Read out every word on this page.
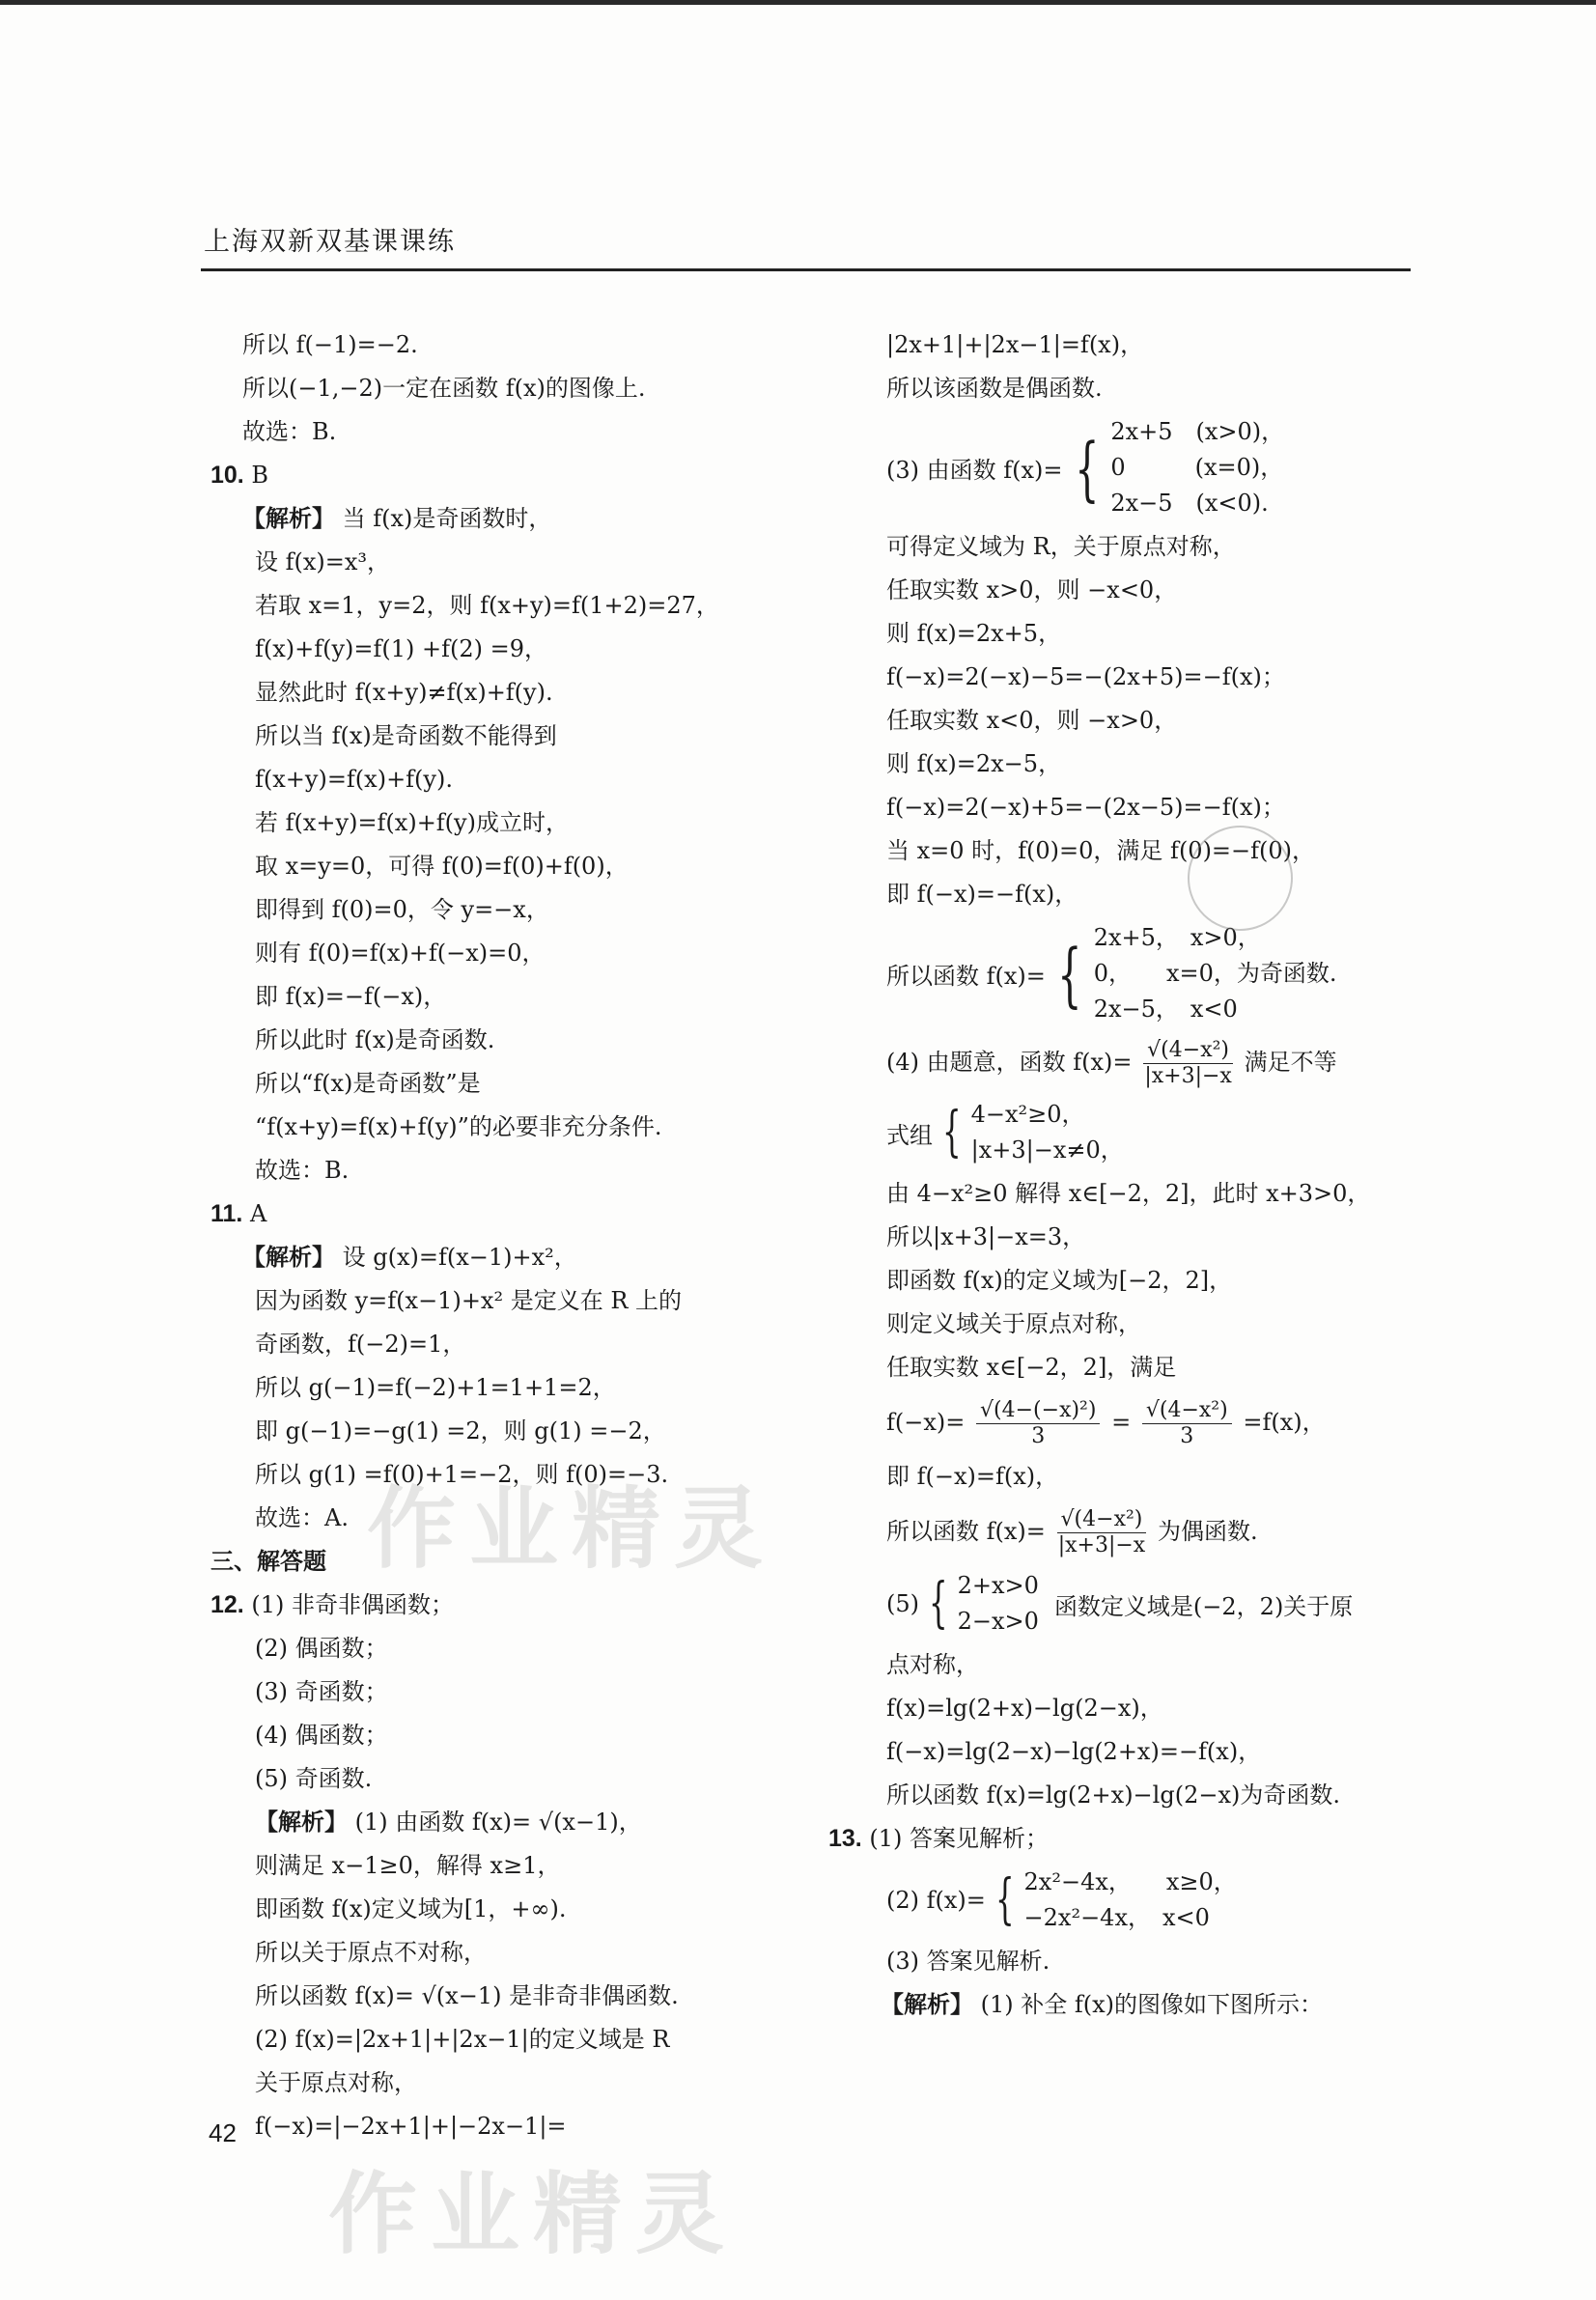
上海双新双基课课练
所以 f(−1)=−2.
所以(−1,−2)一定在函数 f(x)的图像上.
故选：B.
10. B
【解析】 当 f(x)是奇函数时，
设 f(x)=x³，
若取 x=1，y=2，则 f(x+y)=f(1+2)=27，
f(x)+f(y)=f(1) +f(2) =9，
显然此时 f(x+y)≠f(x)+f(y).
所以当 f(x)是奇函数不能得到
f(x+y)=f(x)+f(y).
若 f(x+y)=f(x)+f(y)成立时，
取 x=y=0，可得 f(0)=f(0)+f(0)，
即得到 f(0)=0，令 y=−x，
则有 f(0)=f(x)+f(−x)=0，
即 f(x)=−f(−x)，
所以此时 f(x)是奇函数.
所以“f(x)是奇函数”是
“f(x+y)=f(x)+f(y)”的必要非充分条件.
故选：B.
11. A
【解析】 设 g(x)=f(x−1)+x²，
因为函数 y=f(x−1)+x² 是定义在 R 上的
奇函数，f(−2)=1，
所以 g(−1)=f(−2)+1=1+1=2，
即 g(−1)=−g(1) =2，则 g(1) =−2，
所以 g(1) =f(0)+1=−2，则 f(0)=−3.
故选：A.
三、解答题
12. (1) 非奇非偶函数；
(2) 偶函数；
(3) 奇函数；
(4) 偶函数；
(5) 奇函数.
【解析】 (1) 由函数 f(x)= √(x−1)，
则满足 x−1≥0，解得 x≥1，
即函数 f(x)定义域为[1，+∞).
所以关于原点不对称，
所以函数 f(x)= √(x−1) 是非奇非偶函数.
(2) f(x)=|2x+1|+|2x−1|的定义域是 R
关于原点对称，
f(−x)=|−2x+1|+|−2x−1|=
|2x+1|+|2x−1|=f(x)，
所以该函数是偶函数.
(3) 由函数 f(x)= { 2x+5　(x>0)，
0　　　(x=0)，
2x−5　(x<0).
可得定义域为 R，关于原点对称，
任取实数 x>0，则 −x<0，
则 f(x)=2x+5，
f(−x)=2(−x)−5=−(2x+5)=−f(x)；
任取实数 x<0，则 −x>0，
则 f(x)=2x−5，
f(−x)=2(−x)+5=−(2x−5)=−f(x)；
当 x=0 时，f(0)=0，满足 f(0)=−f(0)，
即 f(−x)=−f(x)，
所以函数 f(x)= { 2x+5，　x>0，
0，　　x=0，为奇函数.
2x−5，　x<0
(4) 由题意，函数 $f(x)= \frac{\text{√(4−x²)}}{|x+3|-x}$ 满足不等
式组 { 4−x²≥0，
|x+3|−x≠0，
由 4−x²≥0 解得 x∈[−2，2]，此时 x+3>0，
所以|x+3|−x=3，
即函数 f(x)的定义域为[−2，2]，
则定义域关于原点对称，
任取实数 x∈[−2，2]，满足
$f(-x)= \frac{\text{√(4−(−x)²)}}{3} = \frac{\text{√(4−x²)}}{3} =f(x)$，
即 f(−x)=f(x)，
所以函数 $f(x)= \frac{\text{√(4−x²)}}{|x+3|-x}$ 为偶函数.
(5) { 2+x>0
2−x>0
函数定义域是(−2，2)关于原
点对称，
f(x)=lg(2+x)−lg(2−x)，
f(−x)=lg(2−x)−lg(2+x)=−f(x)，
所以函数 f(x)=lg(2+x)−lg(2−x)为奇函数.
13. (1) 答案见解析；
(2) f(x)= { 2x²−4x，　　x≥0，
−2x²−4x，　x<0
(3) 答案见解析.
【解析】 (1) 补全 f(x)的图像如下图所示：
作业精灵
作业精灵
42
